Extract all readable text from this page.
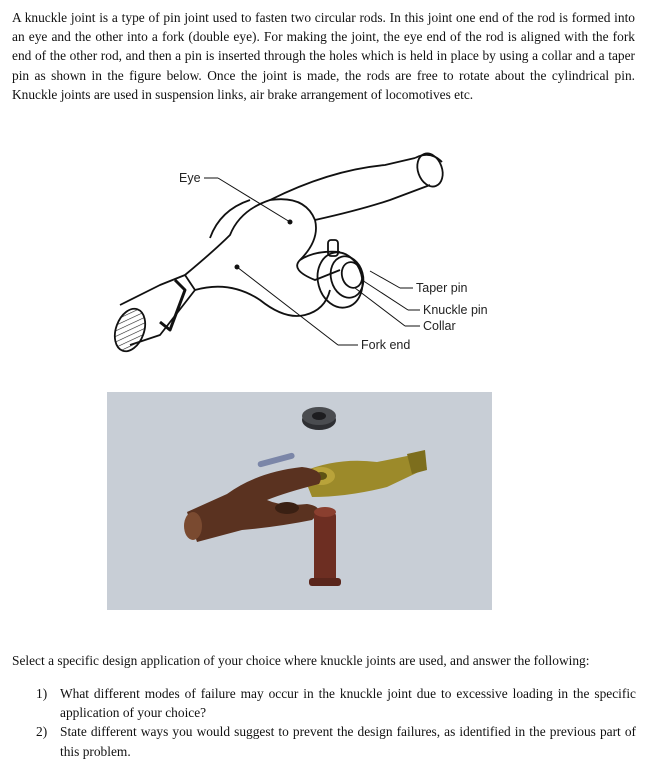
A knuckle joint is a type of pin joint used to fasten two circular rods. In this joint one end of the rod is formed into an eye and the other into a fork (double eye). For making the joint, the eye end of the rod is aligned with the fork end of the other rod, and then a pin is inserted through the holes which is held in place by using a collar and a taper pin as shown in the figure below. Once the joint is made, the rods are free to rotate about the cylindrical pin. Knuckle joints are used in suspension links, air brake arrangement of locomotives etc.

Eye
Taper pin
Knuckle pin
Collar
Fork end

Select a specific design application of your choice where knuckle joints are used, and answer the following:

1) What different modes of failure may occur in the knuckle joint due to excessive loading in the specific application of your choice?
2) State different ways you would suggest to prevent the design failures, as identified in the previous part of this problem.
